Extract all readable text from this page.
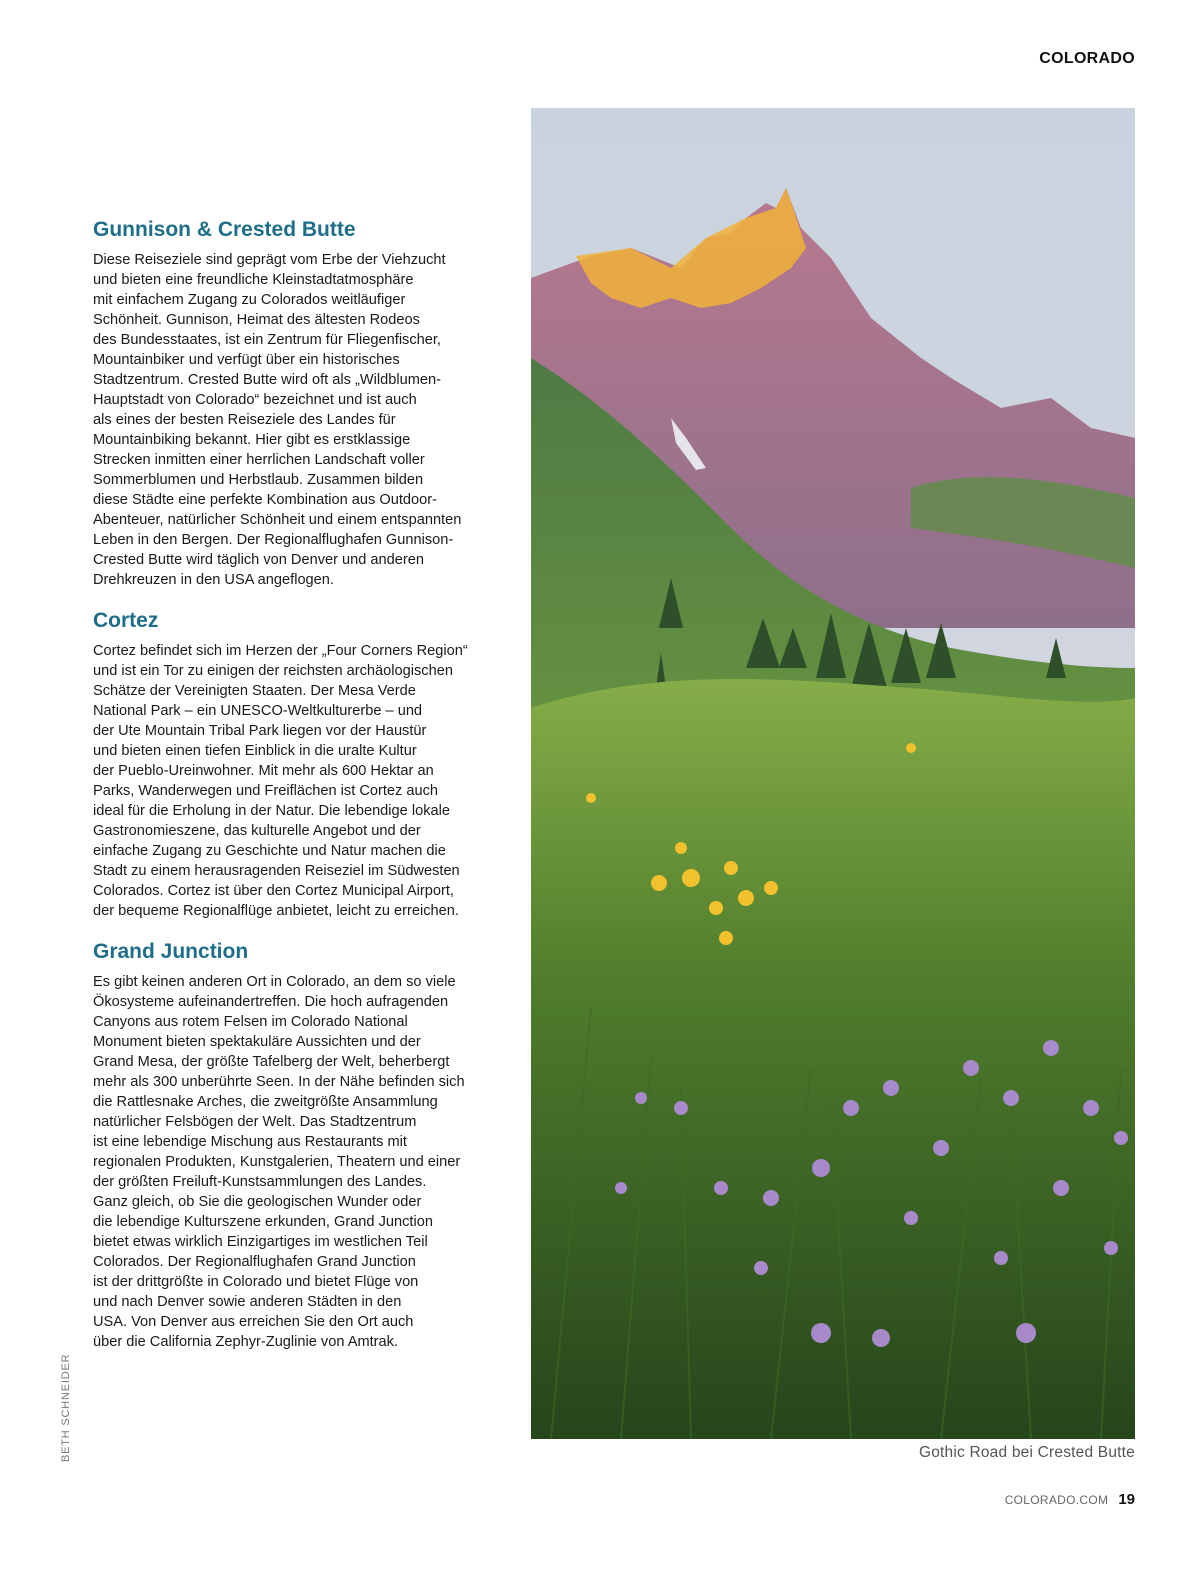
COLORADO
Gunnison & Crested Butte

Diese Reiseziele sind geprägt vom Erbe der Viehzucht
und bieten eine freundliche Kleinstadtatmosphäre
mit einfachem Zugang zu Colorados weitläufiger
Schönheit. Gunnison, Heimat des ältesten Rodeos
des Bundesstaates, ist ein Zentrum für Fliegenfischer,
Mountainbiker und verfügt über ein historisches
Stadtzentrum. Crested Butte wird oft als „Wildblumen-
Hauptstadt von Colorado“ bezeichnet und ist auch
als eines der besten Reiseziele des Landes für
Mountainbiking bekannt. Hier gibt es erstklassige
Strecken inmitten einer herrlichen Landschaft voller
Sommerblumen und Herbstlaub. Zusammen bilden
diese Städte eine perfekte Kombination aus Outdoor-
Abenteuer, natürlicher Schönheit und einem entspannten
Leben in den Bergen. Der Regionalflughafen Gunnison-
Crested Butte wird täglich von Denver und anderen
Drehkreuzen in den USA angeflogen.

Cortez

Cortez befindet sich im Herzen der „Four Corners Region“
und ist ein Tor zu einigen der reichsten archäologischen
Schätze der Vereinigten Staaten. Der Mesa Verde
National Park – ein UNESCO-Weltkulturerbe – und
der Ute Mountain Tribal Park liegen vor der Haustür
und bieten einen tiefen Einblick in die uralte Kultur
der Pueblo-Ureinwohner. Mit mehr als 600 Hektar an
Parks, Wanderwegen und Freiflächen ist Cortez auch
ideal für die Erholung in der Natur. Die lebendige lokale
Gastronomieszene, das kulturelle Angebot und der
einfache Zugang zu Geschichte und Natur machen die
Stadt zu einem herausragenden Reiseziel im Südwesten
Colorados. Cortez ist über den Cortez Municipal Airport,
der bequeme Regionalflüge anbietet, leicht zu erreichen.

Grand Junction

Es gibt keinen anderen Ort in Colorado, an dem so viele
Ökosysteme aufeinandertreffen. Die hoch aufragenden
Canyons aus rotem Felsen im Colorado National
Monument bieten spektakuläre Aussichten und der
Grand Mesa, der größte Tafelberg der Welt, beherbergt
mehr als 300 unberührte Seen. In der Nähe befinden sich
die Rattlesnake Arches, die zweitgrößte Ansammlung
natürlicher Felsbögen der Welt. Das Stadtzentrum
ist eine lebendige Mischung aus Restaurants mit
regionalen Produkten, Kunstgalerien, Theatern und einer
der größten Freiluft-Kunstsammlungen des Landes.
Ganz gleich, ob Sie die geologischen Wunder oder
die lebendige Kulturszene erkunden, Grand Junction
bietet etwas wirklich Einzigartiges im westlichen Teil
Colorados. Der Regionalflughafen Grand Junction
ist der drittgrößte in Colorado und bietet Flüge von
und nach Denver sowie anderen Städten in den
USA. Von Denver aus erreichen Sie den Ort auch
über die California Zephyr-Zuglinie von Amtrak.

Gothic Road bei Crested Butte
BETH SCHNEIDER
COLORADO.COM 19
